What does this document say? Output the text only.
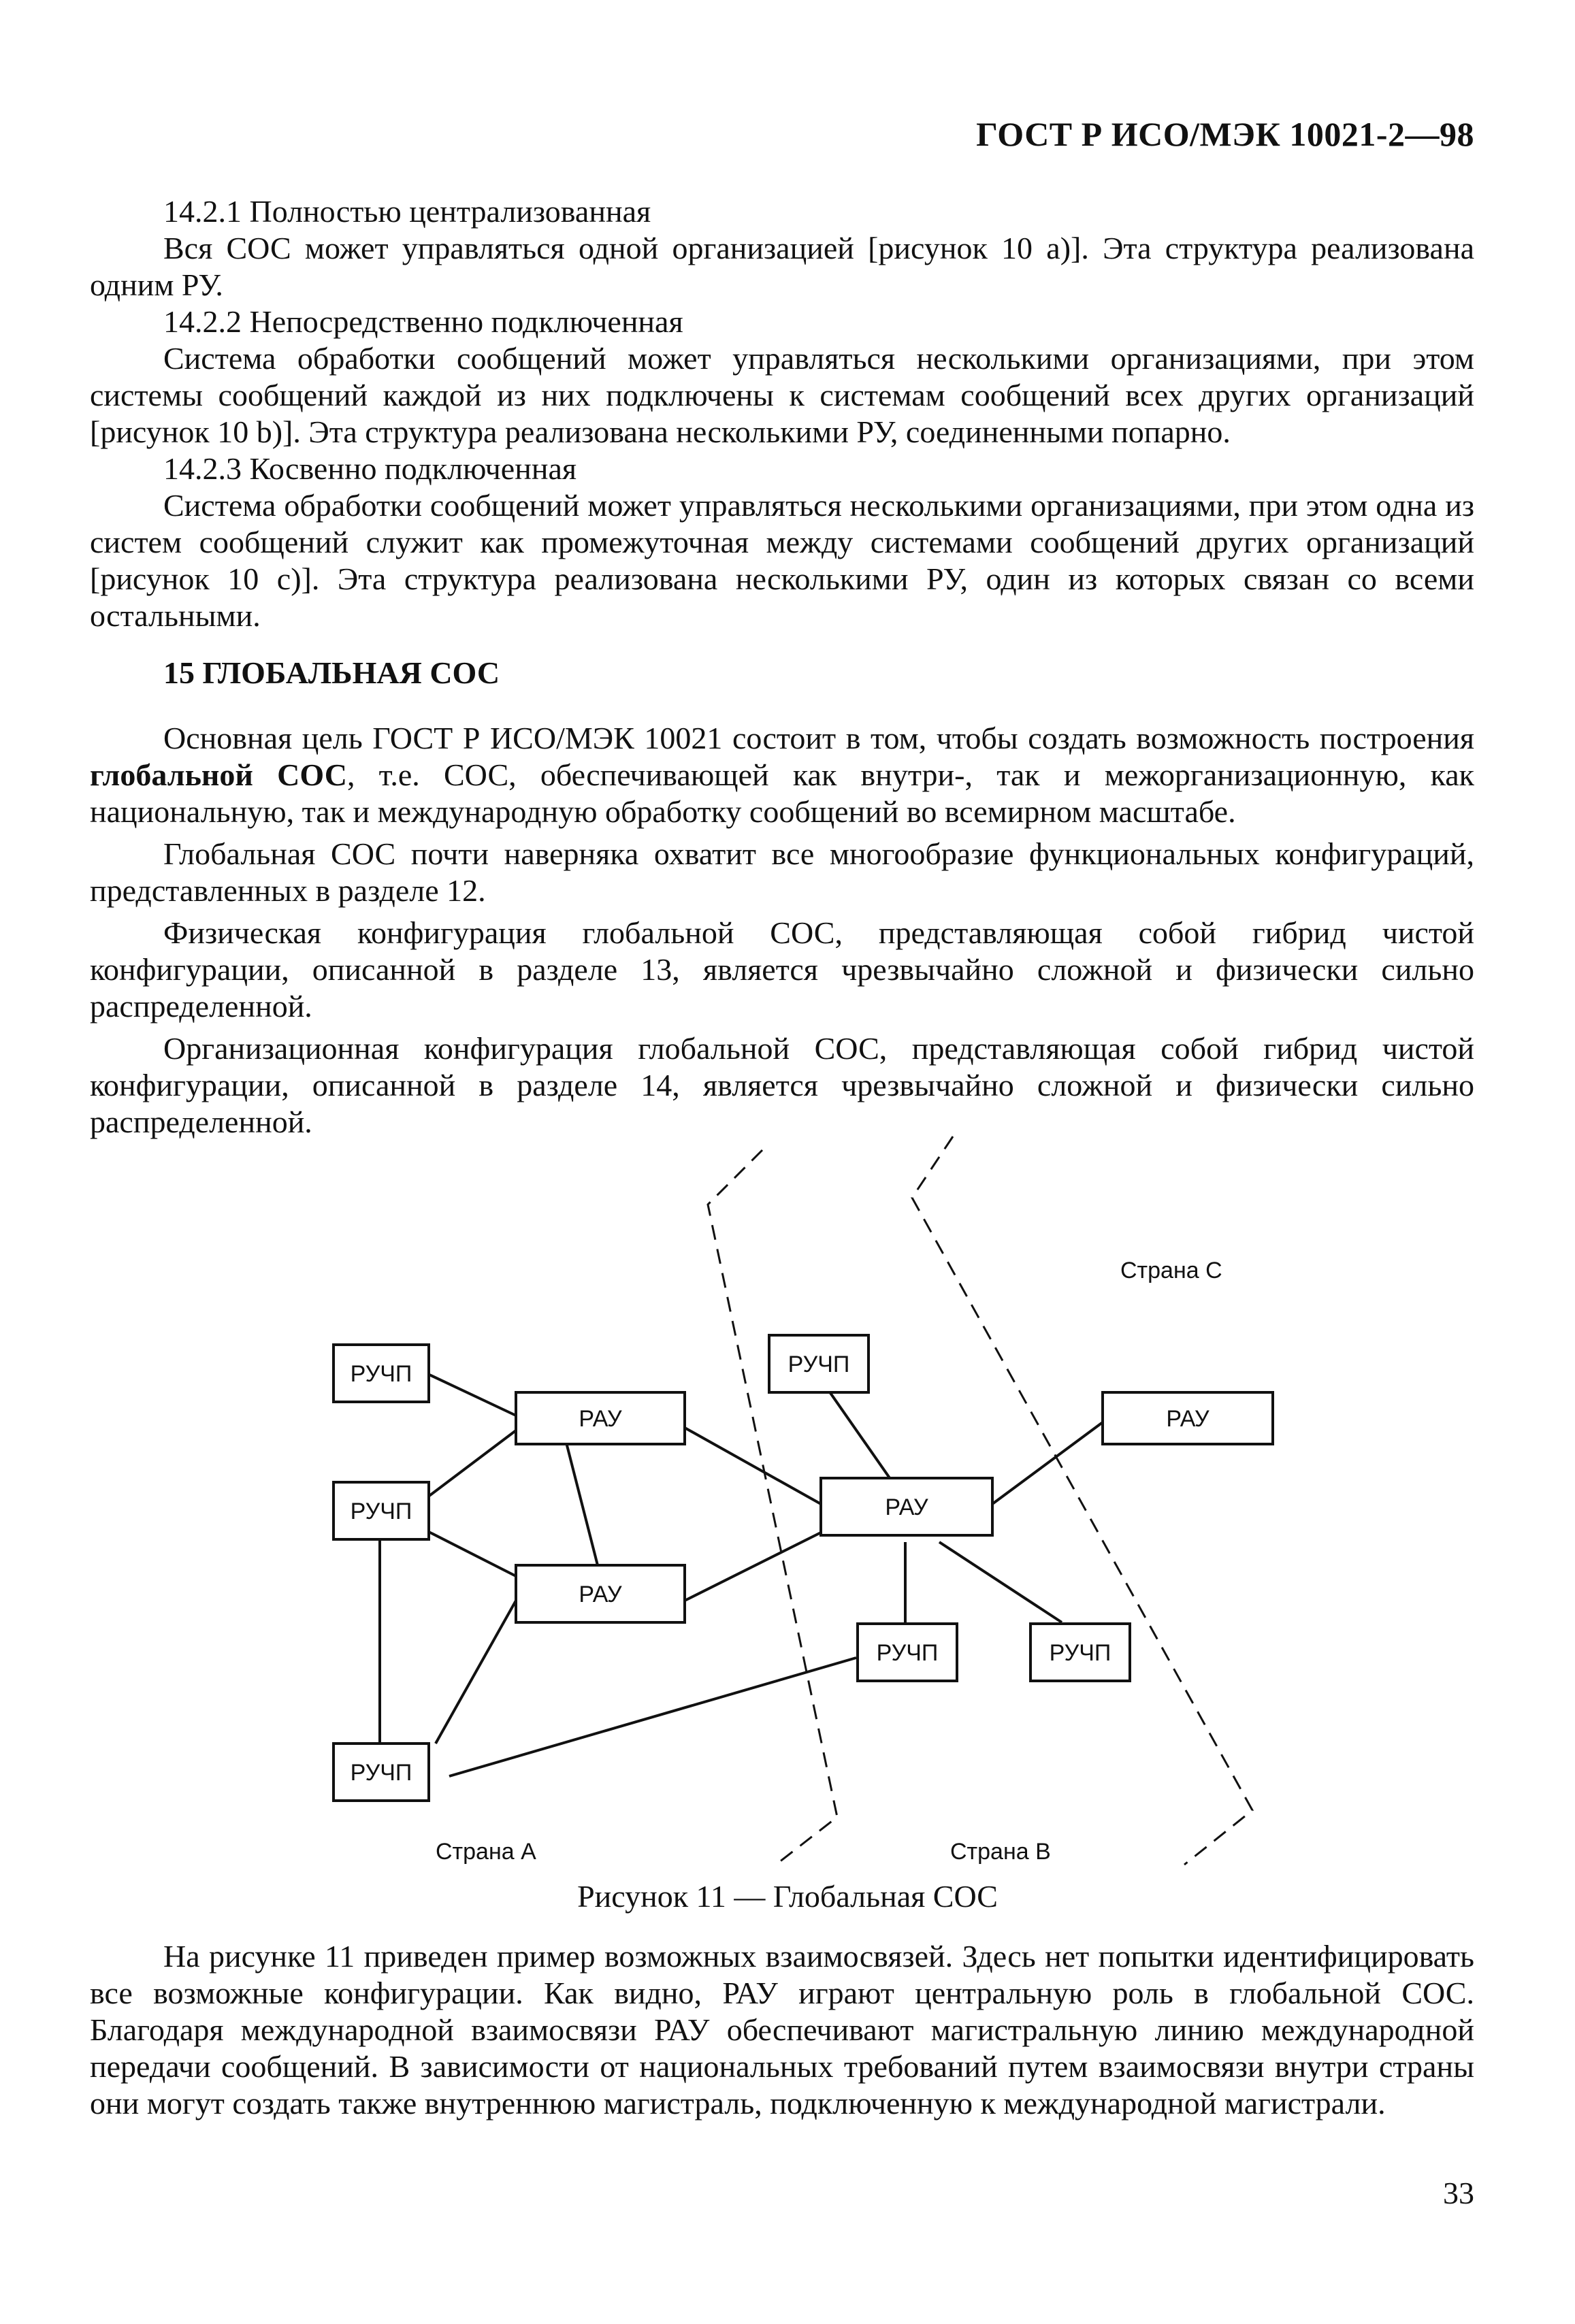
ГОСТ Р ИСО/МЭК 10021-2—98

14.2.1 Полностью централизованная

Вся СОС может управляться одной организацией [рисунок 10 а)]. Эта структура реализована одним РУ.

14.2.2 Непосредственно подключенная

Система обработки сообщений может управляться несколькими организациями, при этом системы сообщений каждой из них подключены к системам сообщений всех других организаций [рисунок 10 b)]. Эта структура реализована несколькими РУ, соединенными попарно.

14.2.3 Косвенно подключенная

Система обработки сообщений может управляться несколькими организациями, при этом одна из систем сообщений служит как промежуточная между системами сообщений других организаций [рисунок 10 с)]. Эта структура реализована несколькими РУ, один из которых связан со всеми остальными.

15 ГЛОБАЛЬНАЯ СОС

Основная цель ГОСТ Р ИСО/МЭК 10021 состоит в том, чтобы создать возможность построения глобальной СОС, т.е. СОС, обеспечивающей как внутри-, так и межорганизационную, как национальную, так и международную обработку сообщений во всемирном масштабе.

Глобальная СОС почти наверняка охватит все многообразие функциональных конфигураций, представленных в разделе 12.

Физическая конфигурация глобальной СОС, представляющая собой гибрид чистой конфигурации, описанной в разделе 13, является чрезвычайно сложной и физически сильно распределенной.

Организационная конфигурация глобальной СОС, представляющая собой гибрид чистой конфигурации, описанной в разделе 14, является чрезвычайно сложной и физически сильно распределенной.

РУЧП
РУЧП
РУЧП
РУЧП
РУЧП	РУЧП
РАУ
РАУ
РАУ
РАУ
Страна А	Страна В
Страна С
Рисунок 11 — Глобальная СОС

На рисунке 11 приведен пример возможных взаимосвязей. Здесь нет попытки идентифицировать все возможные конфигурации. Как видно, РАУ играют центральную роль в глобальной СОС. Благодаря международной взаимосвязи РАУ обеспечивают магистральную линию международной передачи сообщений. В зависимости от национальных требований путем взаимосвязи внутри страны они могут создать также внутреннюю магистраль, подключенную к международной магистрали.

33
